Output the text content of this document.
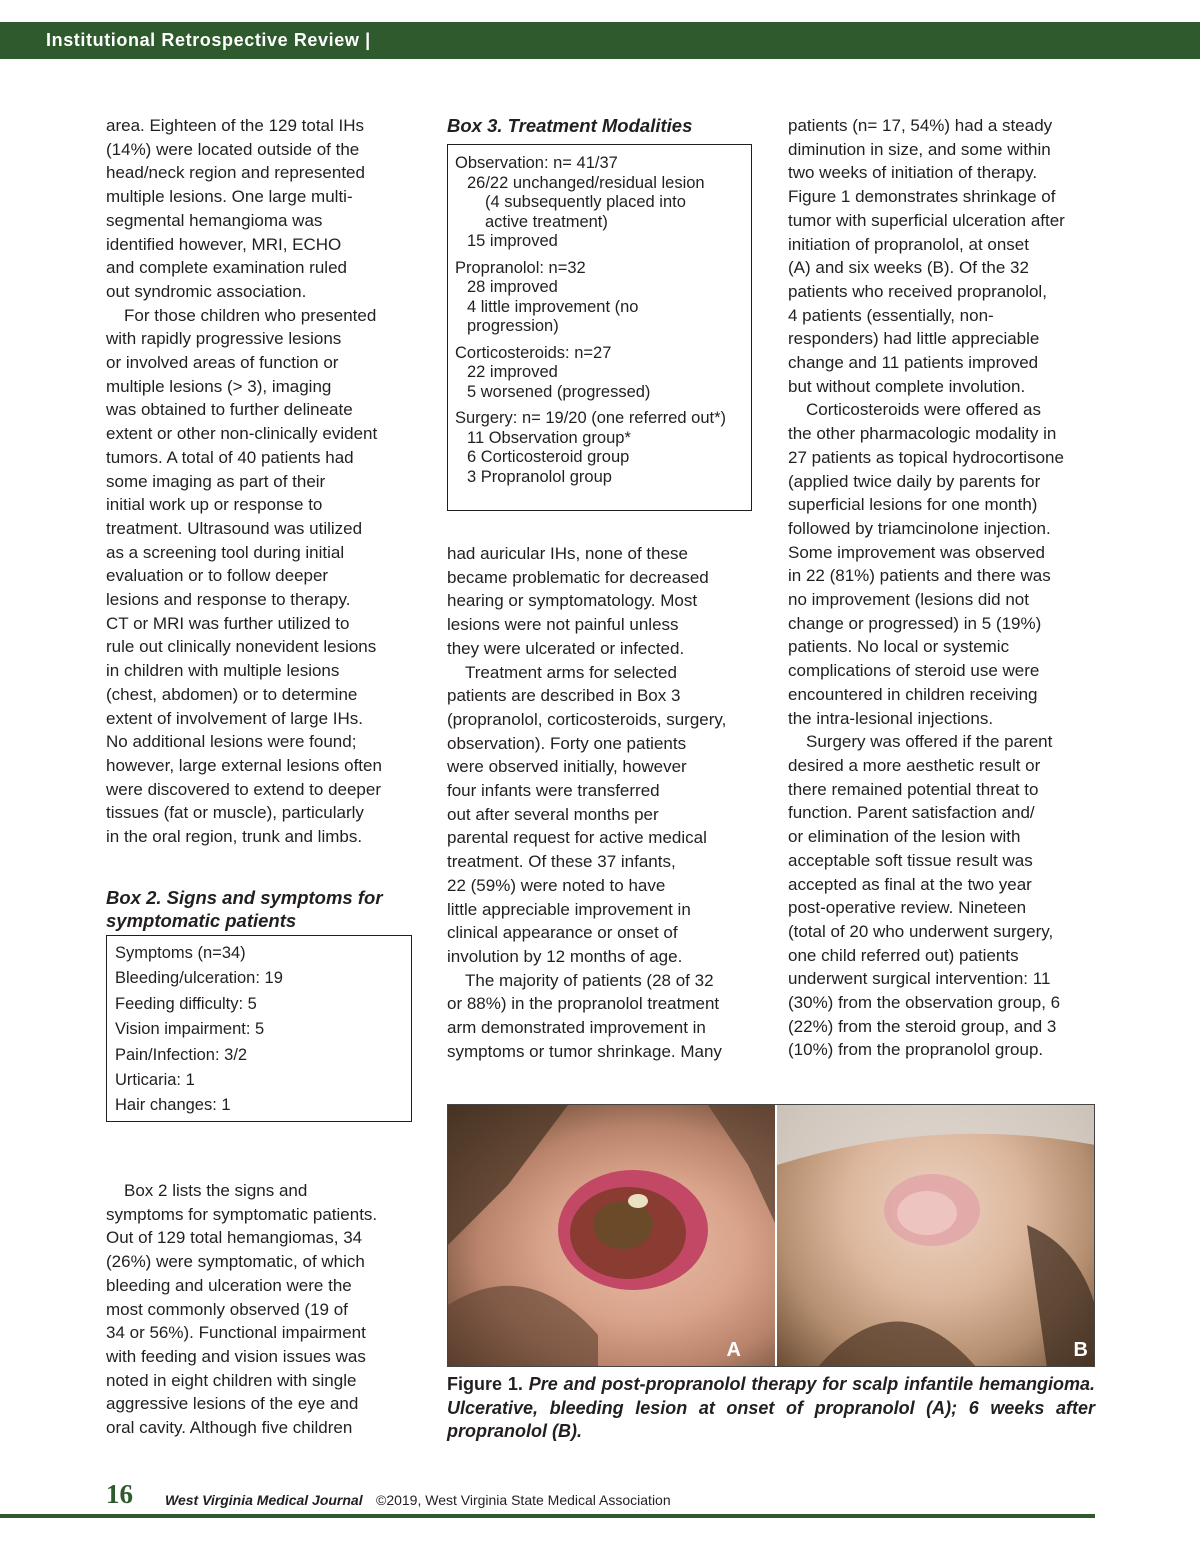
Institutional Retrospective Review |
area. Eighteen of the 129 total IHs
(14%) were located outside of the
head/neck region and represented
multiple lesions. One large multi-
segmental hemangioma was
identified however, MRI, ECHO
and complete examination ruled
out syndromic association.
For those children who presented
with rapidly progressive lesions
or involved areas of function or
multiple lesions (> 3), imaging
was obtained to further delineate
extent or other non-clinically evident
tumors. A total of 40 patients had
some imaging as part of their
initial work up or response to
treatment. Ultrasound was utilized
as a screening tool during initial
evaluation or to follow deeper
lesions and response to therapy.
CT or MRI was further utilized to
rule out clinically nonevident lesions
in children with multiple lesions
(chest, abdomen) or to determine
extent of involvement of large IHs.
No additional lesions were found;
however, large external lesions often
were discovered to extend to deeper
tissues (fat or muscle), particularly
in the oral region, trunk and limbs.
Box 2. Signs and symptoms for
symptomatic patients
Symptoms (n=34)
Bleeding/ulceration: 19
Feeding difficulty: 5
Vision impairment: 5
Pain/Infection: 3/2
Urticaria: 1
Hair changes: 1
Box 2 lists the signs and
symptoms for symptomatic patients.
Out of 129 total hemangiomas, 34
(26%) were symptomatic, of which
bleeding and ulceration were the
most commonly observed (19 of
34 or 56%). Functional impairment
with feeding and vision issues was
noted in eight children with single
aggressive lesions of the eye and
oral cavity. Although five children
Box 3. Treatment Modalities
Observation: n= 41/37
26/22 unchanged/residual lesion
(4 subsequently placed into
active treatment)
15 improved
Propranolol: n=32
28 improved
4 little improvement (no
progression)
Corticosteroids: n=27
22 improved
5 worsened (progressed)
Surgery: n= 19/20 (one referred out*)
11 Observation group*
6 Corticosteroid group
3 Propranolol group
had auricular IHs, none of these
became problematic for decreased
hearing or symptomatology. Most
lesions were not painful unless
they were ulcerated or infected.
Treatment arms for selected
patients are described in Box 3
(propranolol, corticosteroids, surgery,
observation). Forty one patients
were observed initially, however
four infants were transferred
out after several months per
parental request for active medical
treatment. Of these 37 infants,
22 (59%) were noted to have
little appreciable improvement in
clinical appearance or onset of
involution by 12 months of age.
The majority of patients (28 of 32
or 88%) in the propranolol treatment
arm demonstrated improvement in
symptoms or tumor shrinkage. Many
patients (n= 17, 54%) had a steady
diminution in size, and some within
two weeks of initiation of therapy.
Figure 1 demonstrates shrinkage of
tumor with superficial ulceration after
initiation of propranolol, at onset
(A) and six weeks (B). Of the 32
patients who received propranolol,
4 patients (essentially, non-
responders) had little appreciable
change and 11 patients improved
but without complete involution.
Corticosteroids were offered as
the other pharmacologic modality in
27 patients as topical hydrocortisone
(applied twice daily by parents for
superficial lesions for one month)
followed by triamcinolone injection.
Some improvement was observed
in 22 (81%) patients and there was
no improvement (lesions did not
change or progressed) in 5 (19%)
patients. No local or systemic
complications of steroid use were
encountered in children receiving
the intra-lesional injections.
Surgery was offered if the parent
desired a more aesthetic result or
there remained potential threat to
function. Parent satisfaction and/
or elimination of the lesion with
acceptable soft tissue result was
accepted as final at the two year
post-operative review. Nineteen
(total of 20 who underwent surgery,
one child referred out) patients
underwent surgical intervention: 11
(30%) from the observation group, 6
(22%) from the steroid group, and 3
(10%) from the propranolol group.
A	B
Figure 1. Pre and post-propranolol therapy for scalp infantile hemangioma. Ulcerative, bleeding lesion at onset of propranolol (A); 6 weeks after propranolol (B).
16 West Virginia Medical Journal ©2019, West Virginia State Medical Association
